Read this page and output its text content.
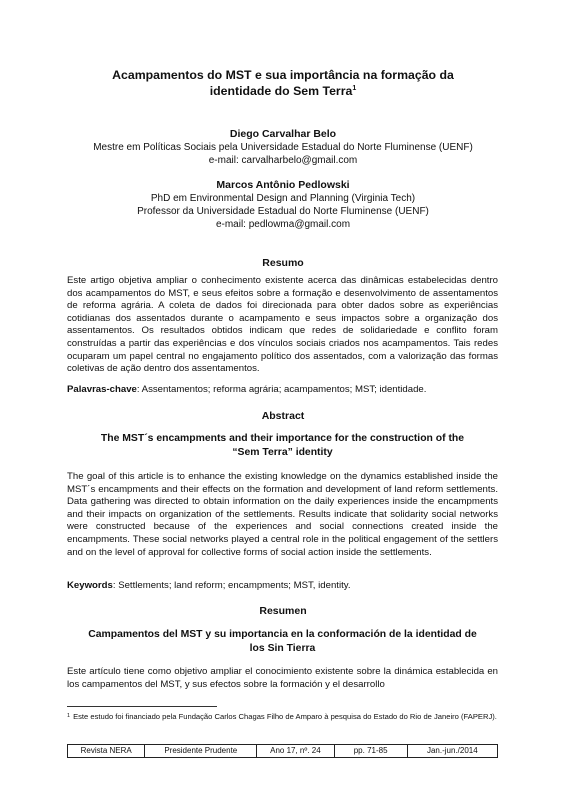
Acampamentos do MST e sua importância na formação da
identidade do Sem Terra$^1$
Diego Carvalhar Belo
Mestre em Políticas Sociais pela Universidade Estadual do Norte Fluminense (UENF)
e-mail: carvalharbelo@gmail.com
Marcos Antônio Pedlowski
PhD em Environmental Design and Planning (Virginia Tech)
Professor da Universidade Estadual do Norte Fluminense (UENF)
e-mail: pedlowma@gmail.com
Resumo
Este artigo objetiva ampliar o conhecimento existente acerca das dinâmicas estabelecidas dentro dos acampamentos do MST, e seus efeitos sobre a formação e desenvolvimento de assentamentos de reforma agrária. A coleta de dados foi direcionada para obter dados sobre as experiências cotidianas dos assentados durante o acampamento e seus impactos sobre a organização dos assentamentos. Os resultados obtidos indicam que redes de solidariedade e conflito foram construídas a partir das experiências e dos vínculos sociais criados nos acampamentos. Tais redes ocuparam um papel central no engajamento político dos assentados, com a valorização das formas coletivas de ação dentro dos assentamentos.
Palavras-chave: Assentamentos; reforma agrária; acampamentos; MST; identidade.
Abstract
The MST´s encampments and their importance for the construction of the
“Sem Terra” identity
The goal of this article is to enhance the existing knowledge on the dynamics established inside the MST´s encampments and their effects on the formation and development of land reform settlements. Data gathering was directed to obtain information on the daily experiences inside the encampments and their impacts on organization of the settlements. Results indicate that solidarity social networks were constructed because of the experiences and social connections created inside the encampments. These social networks played a central role in the political engagement of the settlers and on the level of approval for collective forms of social action inside the settlements.
Keywords: Settlements; land reform; encampments; MST, identity.
Resumen
Campamentos del MST y su importancia en la conformación de la identidad de
los Sin Tierra
Este artículo tiene como objetivo ampliar el conocimiento existente sobre la dinámica establecida en los campamentos del MST, y sus efectos sobre la formación y el desarrollo
$^1$ Este estudo foi financiado pela Fundação Carlos Chagas Filho de Amparo à pesquisa do Estado do Rio de Janeiro (FAPERJ).
Revista NERA	Presidente Prudente	Ano 17, nº. 24	pp. 71-85	Jan.-jun./2014
